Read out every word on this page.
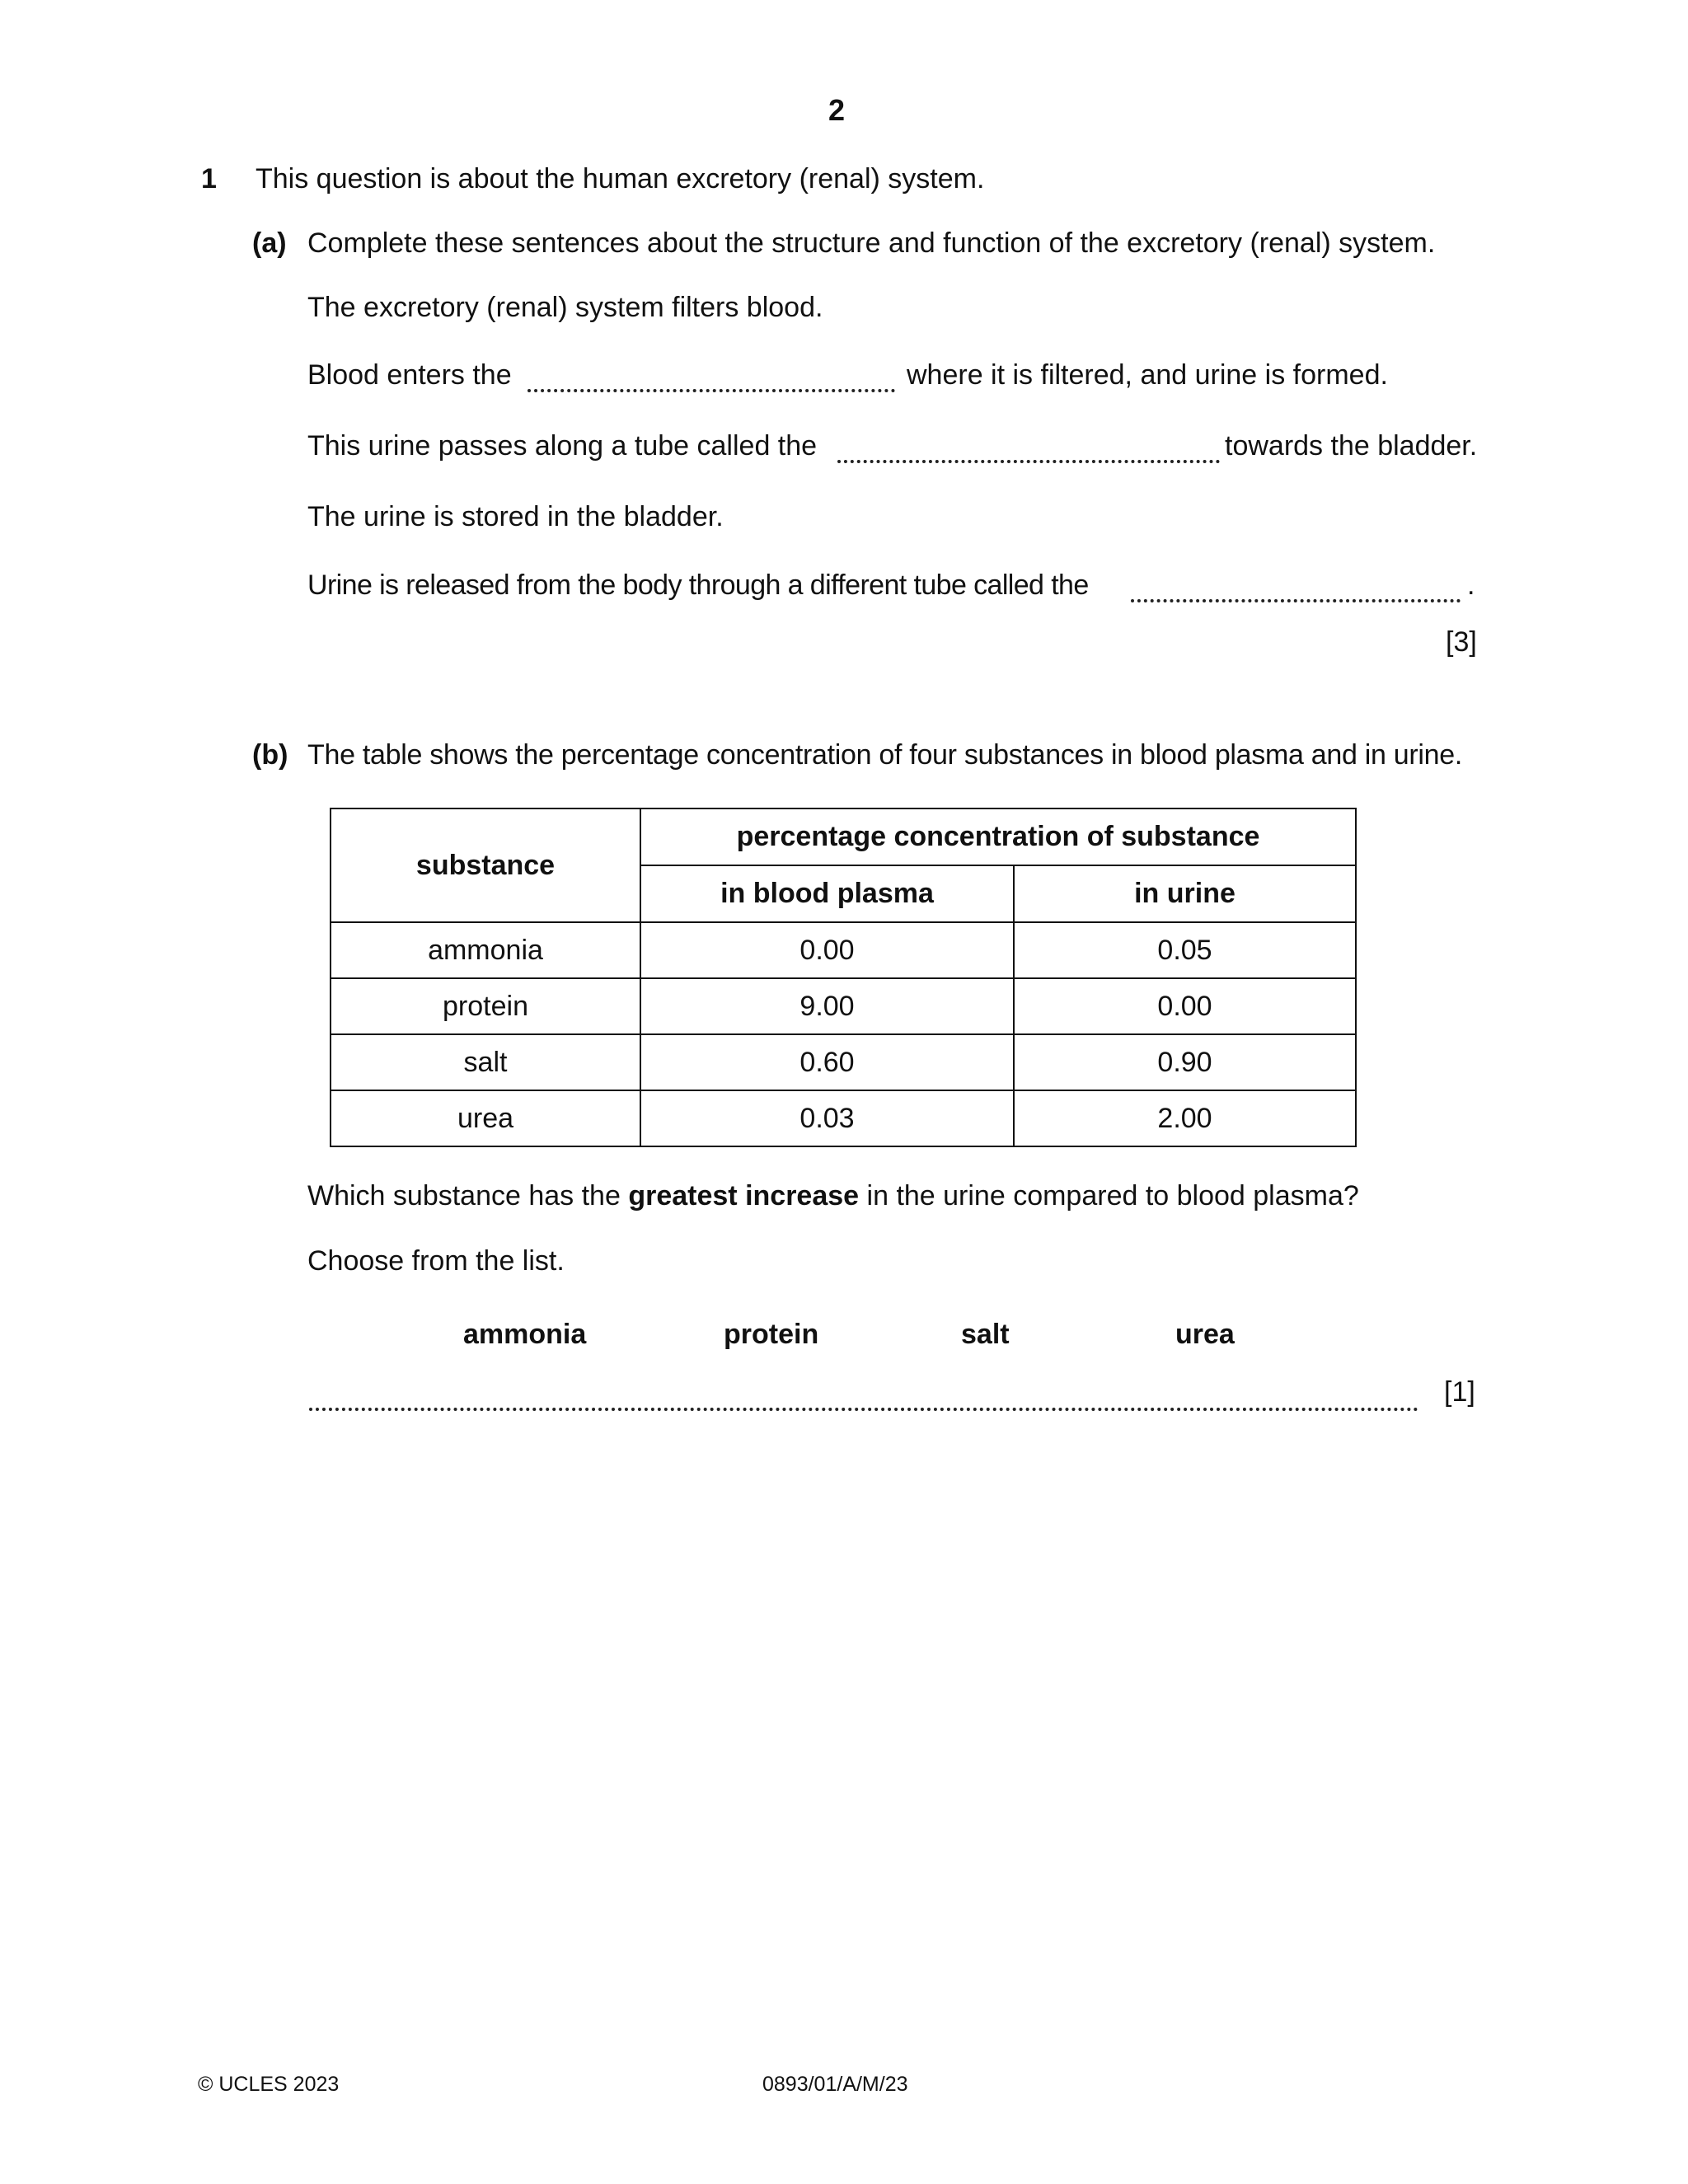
2
1 This question is about the human excretory (renal) system.
(a) Complete these sentences about the structure and function of the excretory (renal) system.
The excretory (renal) system filters blood.
Blood enters the	where it is filtered, and urine is formed.
This urine passes along a tube called the	towards the bladder.
The urine is stored in the bladder.
Urine is released from the body through a different tube called the	.
[3]
(b) The table shows the percentage concentration of four substances in blood plasma and in urine.
substance	percentage concentration of substance	
	in blood plasma	in urine
ammonia	0.00	0.05
protein	9.00	0.00
salt	0.60	0.90
urea	0.03	2.00
Which substance has the greatest increase in the urine compared to blood plasma?
Choose from the list.
ammonia	protein	salt	urea
[1]
© UCLES 2023	0893/01/A/M/23
